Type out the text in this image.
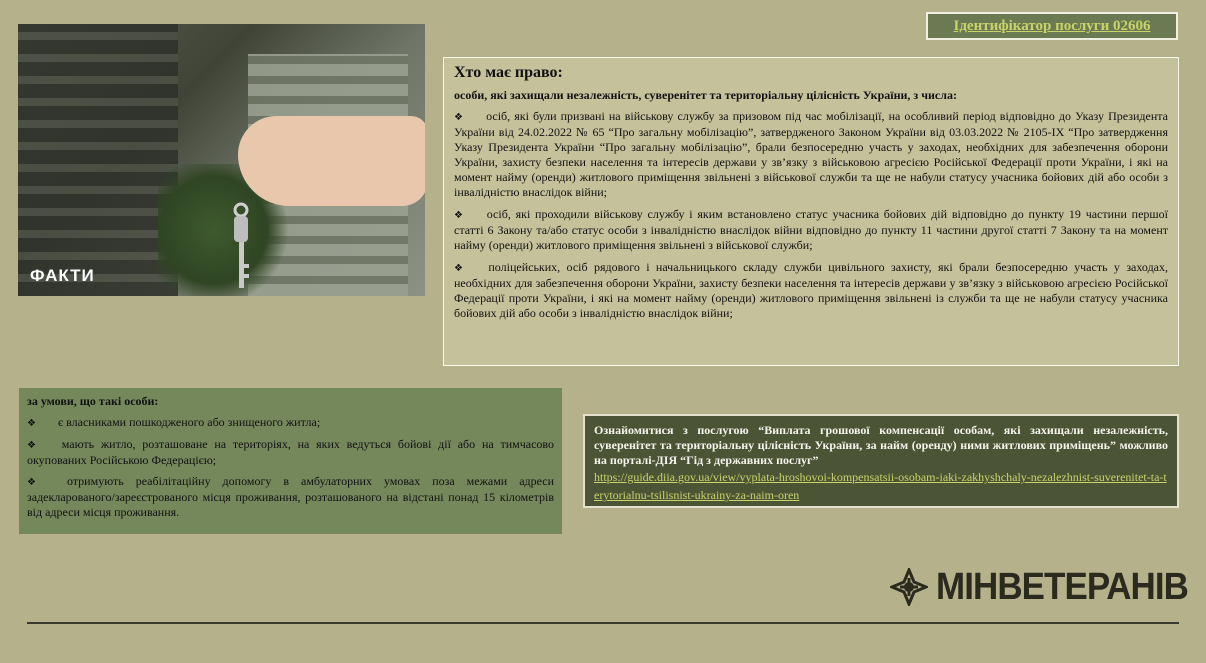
ФАКТИ
Ідентифікатор послуги 02606
Хто має право:

особи, які захищали незалежність, суверенітет та територіальну цілісність України, з числа:

❖ осіб, які були призвані на військову службу за призовом під час мобілізації, на особливий період відповідно до Указу Президента України від 24.02.2022 № 65 “Про загальну мобілізацію”, затвердженого Законом України від 03.03.2022 № 2105-IX “Про затвердження Указу Президента України “Про загальну мобілізацію”, брали безпосередню участь у заходах, необхідних для забезпечення оборони України, захисту безпеки населення та інтересів держави у зв’язку з військовою агресією Російської Федерації проти України, і які на момент найму (оренди) житлового приміщення звільнені з військової служби та ще не набули статусу учасника бойових дій або особи з інвалідністю внаслідок війни;

❖ осіб, які проходили військову службу і яким встановлено статус учасника бойових дій відповідно до пункту 19 частини першої статті 6 Закону та/або статус особи з інвалідністю внаслідок війни відповідно до пункту 11 частини другої статті 7 Закону та на момент найму (оренди) житлового приміщення звільнені з військової служби;

❖ поліцейських, осіб рядового і начальницького складу служби цивільного захисту, які брали безпосередню участь у заходах, необхідних для забезпечення оборони України, захисту безпеки населення та інтересів держави у зв’язку з військовою агресією Російської Федерації проти України, і які на момент найму (оренди) житлового приміщення звільнені із служби та ще не набули статусу учасника бойових дій або особи з інвалідністю внаслідок війни;

за умови, що такі особи:

❖ є власниками пошкодженого або знищеного житла;

❖ мають житло, розташоване на територіях, на яких ведуться бойові дії або на тимчасово окупованих Російською Федерацією;

❖ отримують реабілітаційну допомогу в амбулаторних умовах поза межами адреси задекларованого/зареєстрованого місця проживання, розташованого на відстані понад 15 кілометрів від адреси місця проживання.

Ознайомитися з послугою “Виплата грошової компенсації особам, які захищали незалежність, суверенітет та територіальну цілісність України, за найм (оренду) ними житлових приміщень” можливо на порталі-ДІЯ “Гід з державних послуг”
https://guide.diia.gov.ua/view/vyplata-hroshovoi-kompensatsii-osobam-iaki-zakhyshchaly-nezalezhnist-suverenitet-ta-terytorialnu-tsilisnist-ukrainy-za-naim-oren
МІНВЕТЕРАНІВ
